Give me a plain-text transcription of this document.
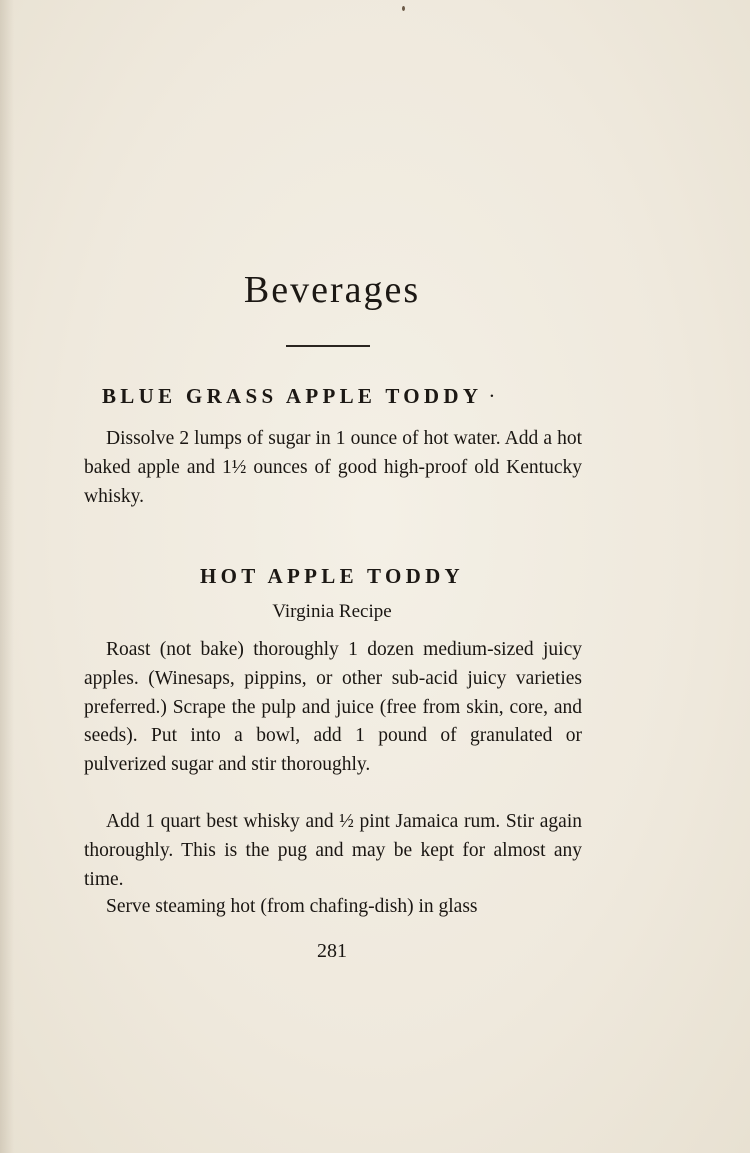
Beverages
BLUE GRASS APPLE TODDY ·

Dissolve 2 lumps of sugar in 1 ounce of hot water. Add a hot baked apple and 1½ ounces of good high-proof old Kentucky whisky.

HOT APPLE TODDY

Virginia Recipe

Roast (not bake) thoroughly 1 dozen medium-sized juicy apples. (Winesaps, pippins, or other sub-acid juicy varieties preferred.) Scrape the pulp and juice (free from skin, core, and seeds). Put into a bowl, add 1 pound of granulated or pulverized sugar and stir thoroughly.

Add 1 quart best whisky and ½ pint Jamaica rum. Stir again thoroughly. This is the pug and may be kept for almost any time.

Serve steaming hot (from chafing-dish) in glass

281
